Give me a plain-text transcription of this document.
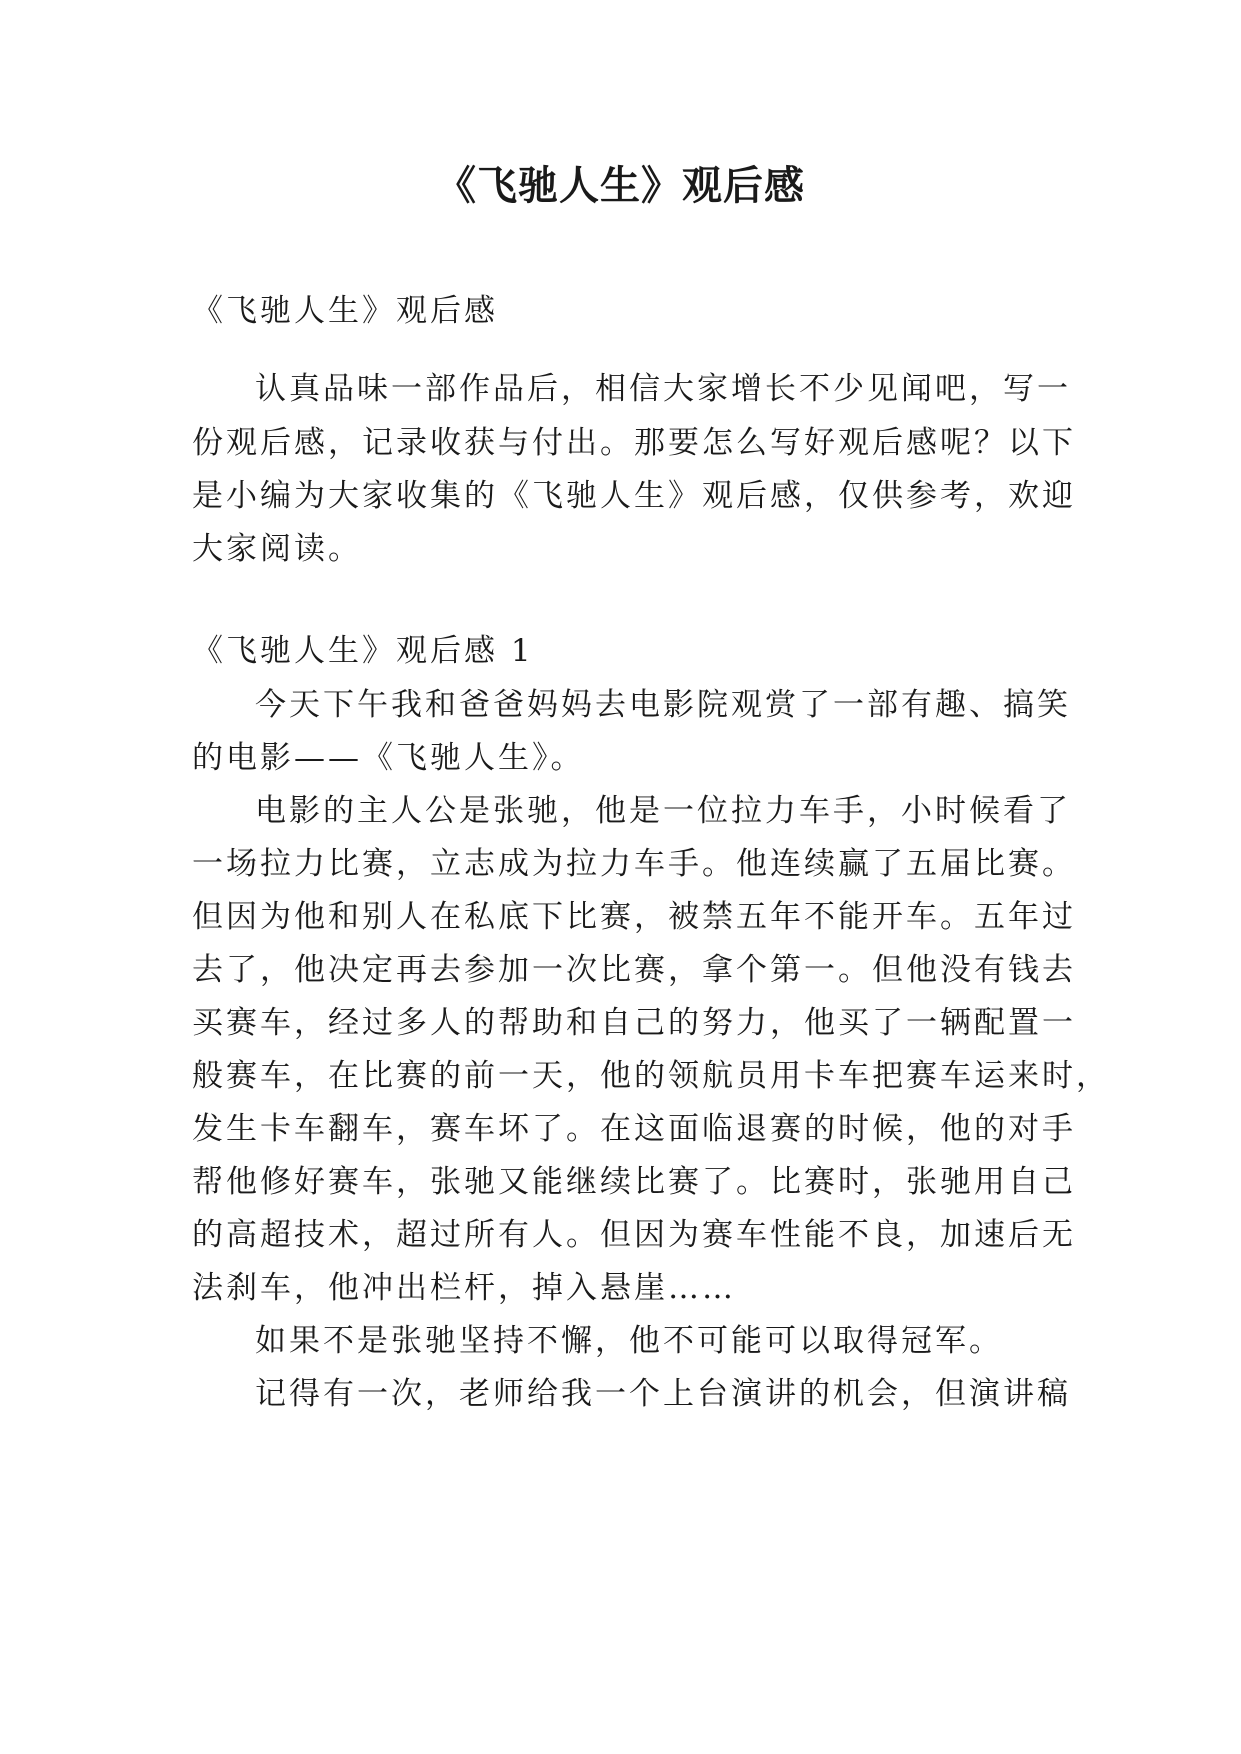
《飞驰人生》观后感

《飞驰人生》观后感

认真品味一部作品后，相信大家增长不少见闻吧，写一

份观后感，记录收获与付出。那要怎么写好观后感呢？以下

是小编为大家收集的《飞驰人生》观后感，仅供参考，欢迎

大家阅读。

《飞驰人生》观后感 1

今天下午我和爸爸妈妈去电影院观赏了一部有趣、搞笑

的电影——《飞驰人生》。

电影的主人公是张驰，他是一位拉力车手，小时候看了

一场拉力比赛，立志成为拉力车手。他连续赢了五届比赛。

但因为他和别人在私底下比赛，被禁五年不能开车。五年过

去了，他决定再去参加一次比赛，拿个第一。但他没有钱去

买赛车，经过多人的帮助和自己的努力，他买了一辆配置一

般赛车，在比赛的前一天，他的领航员用卡车把赛车运来时，

发生卡车翻车，赛车坏了。在这面临退赛的时候，他的对手

帮他修好赛车，张驰又能继续比赛了。比赛时，张驰用自己

的高超技术，超过所有人。但因为赛车性能不良，加速后无

法刹车，他冲出栏杆，掉入悬崖……

如果不是张驰坚持不懈，他不可能可以取得冠军。

记得有一次，老师给我一个上台演讲的机会，但演讲稿
